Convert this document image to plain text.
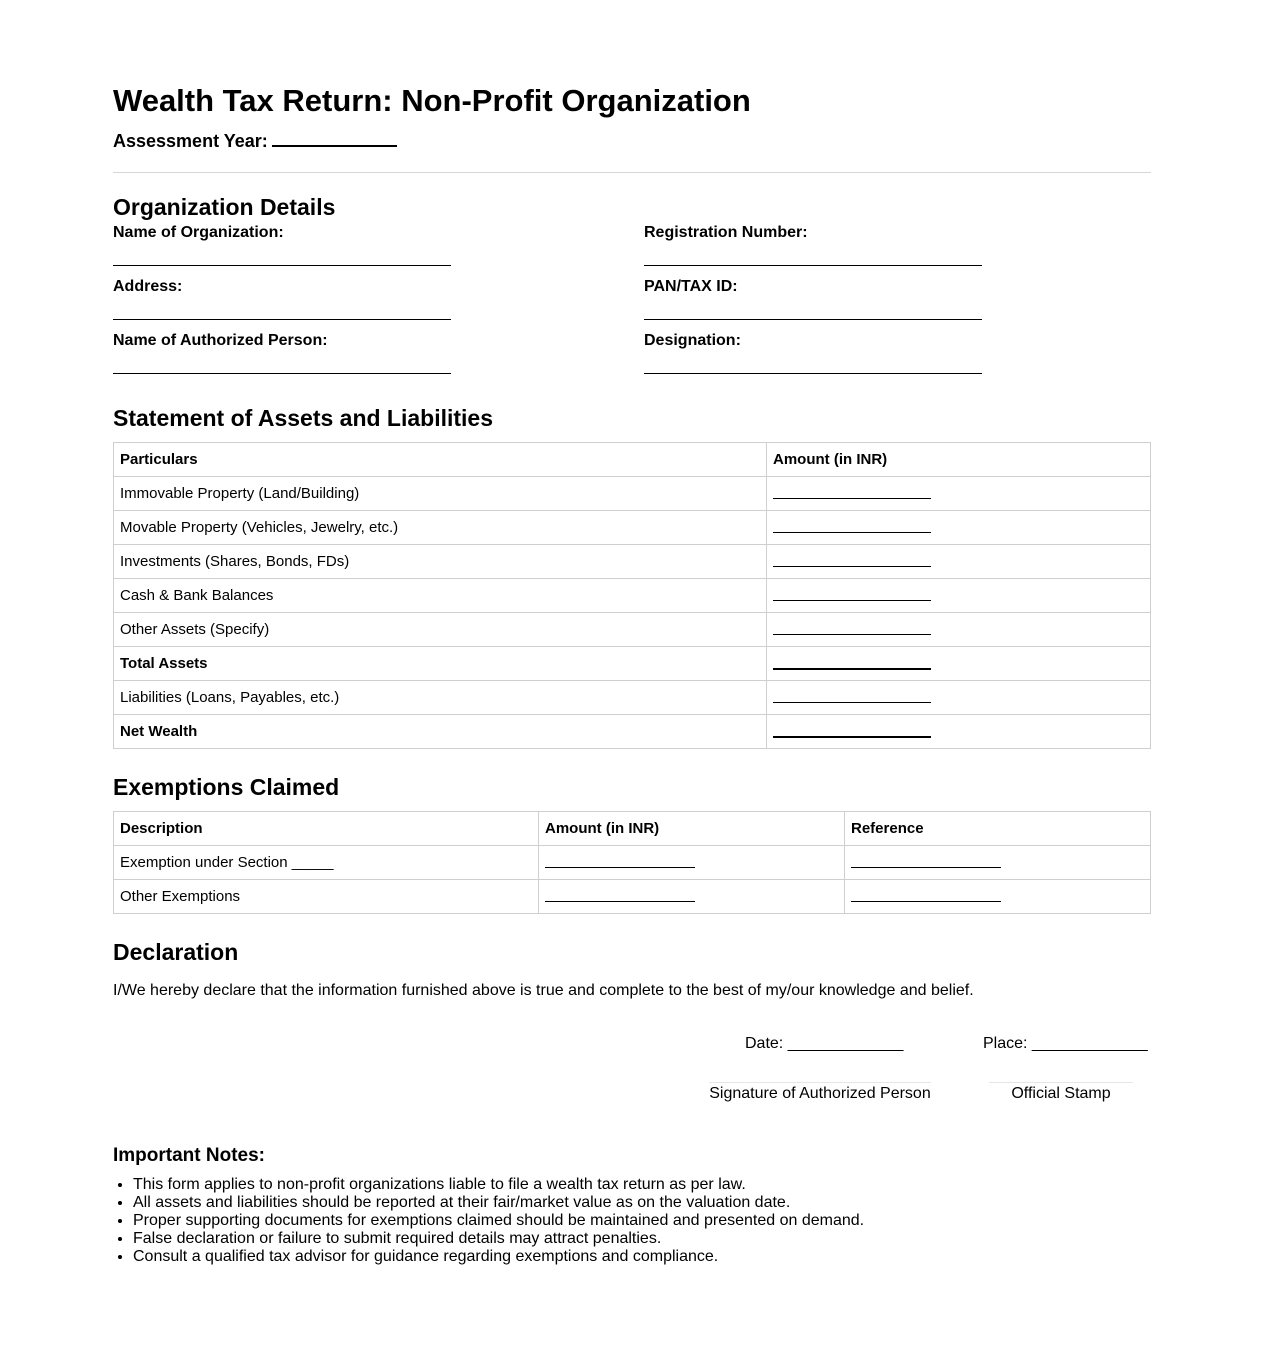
Wealth Tax Return: Non-Profit Organization
Assessment Year:
Organization Details
Name of Organization:	Registration Number:
Address:	PAN/TAX ID:
Name of Authorized Person:	Designation:
Statement of Assets and Liabilities
Particulars	Amount (in INR)
Immovable Property (Land/Building)	
Movable Property (Vehicles, Jewelry, etc.)	
Investments (Shares, Bonds, FDs)	
Cash & Bank Balances	
Other Assets (Specify)	
Total Assets	
Liabilities (Loans, Payables, etc.)	
Net Wealth	
Exemptions Claimed
Description	Amount (in INR)	Reference
Exemption under Section _____		
Other Exemptions		
Declaration
I/We hereby declare that the information furnished above is true and complete to the best of my/our knowledge and belief.
Date: _____________	Place: _____________
Signature of Authorized Person	Official Stamp
Important Notes:
• This form applies to non-profit organizations liable to file a wealth tax return as per law.
• All assets and liabilities should be reported at their fair/market value as on the valuation date.
• Proper supporting documents for exemptions claimed should be maintained and presented on demand.
• False declaration or failure to submit required details may attract penalties.
• Consult a qualified tax advisor for guidance regarding exemptions and compliance.
